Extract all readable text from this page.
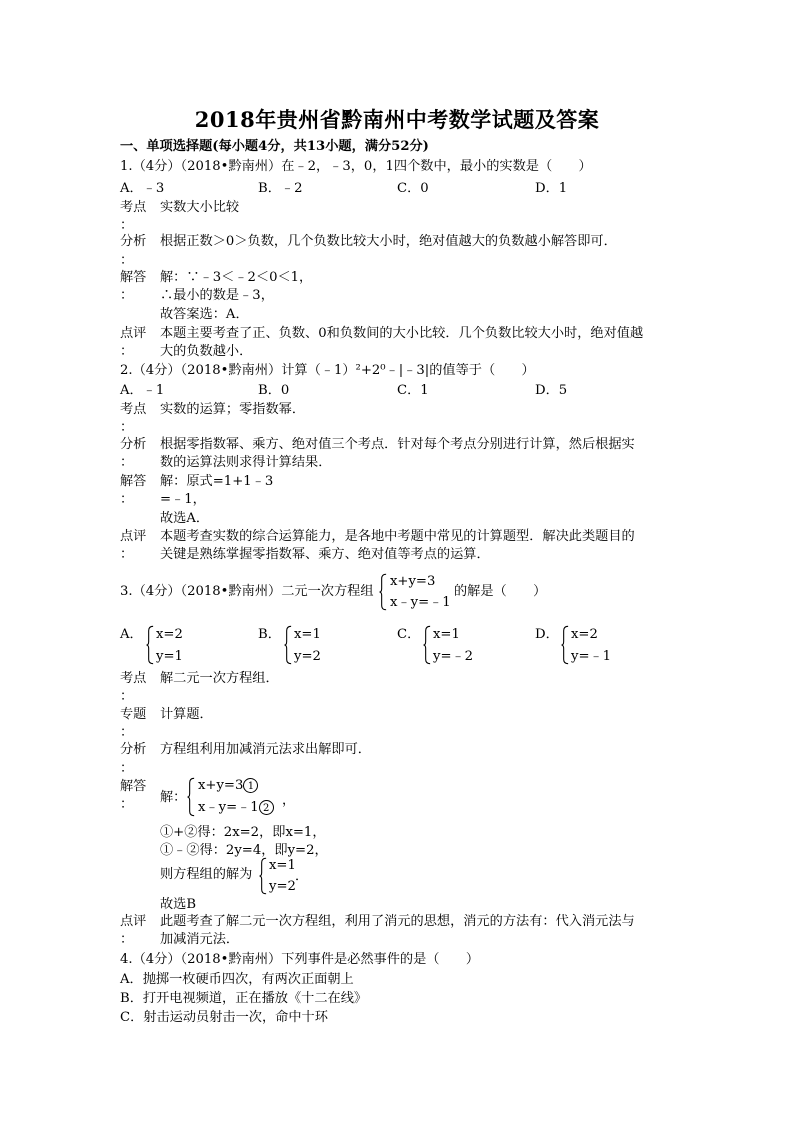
2018年贵州省黔南州中考数学试题及答案
一、单项选择题(每小题4分，共13小题，满分52分)
1.（4分）（2018•黔南州）在﹣2，﹣3，0，1四个数中，最小的实数是（　　）
A．﹣3	B．﹣2	C．0	D．1
考点 实数大小比较
：
分析 根据正数＞0＞负数，几个负数比较大小时，绝对值越大的负数越小解答即可．
：
解答 解：∵﹣3＜﹣2＜0＜1，
： ∴最小的数是﹣3，
故答案选：A．
点评 本题主要考查了正、负数、0和负数间的大小比较．几个负数比较大小时，绝对值越
： 大的负数越小．
2.（4分）（2018•黔南州）计算（﹣1）²+2⁰﹣|﹣3|的值等于（　　）
A．﹣1	B．0	C．1	D．5
考点 实数的运算；零指数幂．
：
分析 根据零指数幂、乘方、绝对值三个考点．针对每个考点分别进行计算，然后根据实
： 数的运算法则求得计算结果．
解答 解：原式=1+1﹣3
： =﹣1，
故选A．
点评 本题考查实数的综合运算能力，是各地中考题中常见的计算题型．解决此类题目的
： 关键是熟练掌握零指数幂、乘方、绝对值等考点的运算．
3.（4分）（2018•黔南州）二元一次方程组
x+y=3
x﹣y=﹣1
的解是（　　）
A． x=2
y=1
B． x=1
y=2
C． x=1
y=﹣2
D． x=2
y=﹣1
考点 解二元一次方程组．
：
专题 计算题．
：
分析 方程组利用加减消元法求出解即可．
：
解答
： 解：
x+y=3 1
x﹣y=﹣1 2
，
①+②得：2x=2，即x=1，
①﹣②得：2y=4，即y=2，
则方程组的解为
x=1
y=2
．
故选B
点评 此题考查了解二元一次方程组，利用了消元的思想，消元的方法有：代入消元法与
： 加减消元法．
4.（4分）（2018•黔南州）下列事件是必然事件的是（　　）
A．抛掷一枚硬币四次，有两次正面朝上
B．打开电视频道，正在播放《十二在线》
C．射击运动员射击一次，命中十环
